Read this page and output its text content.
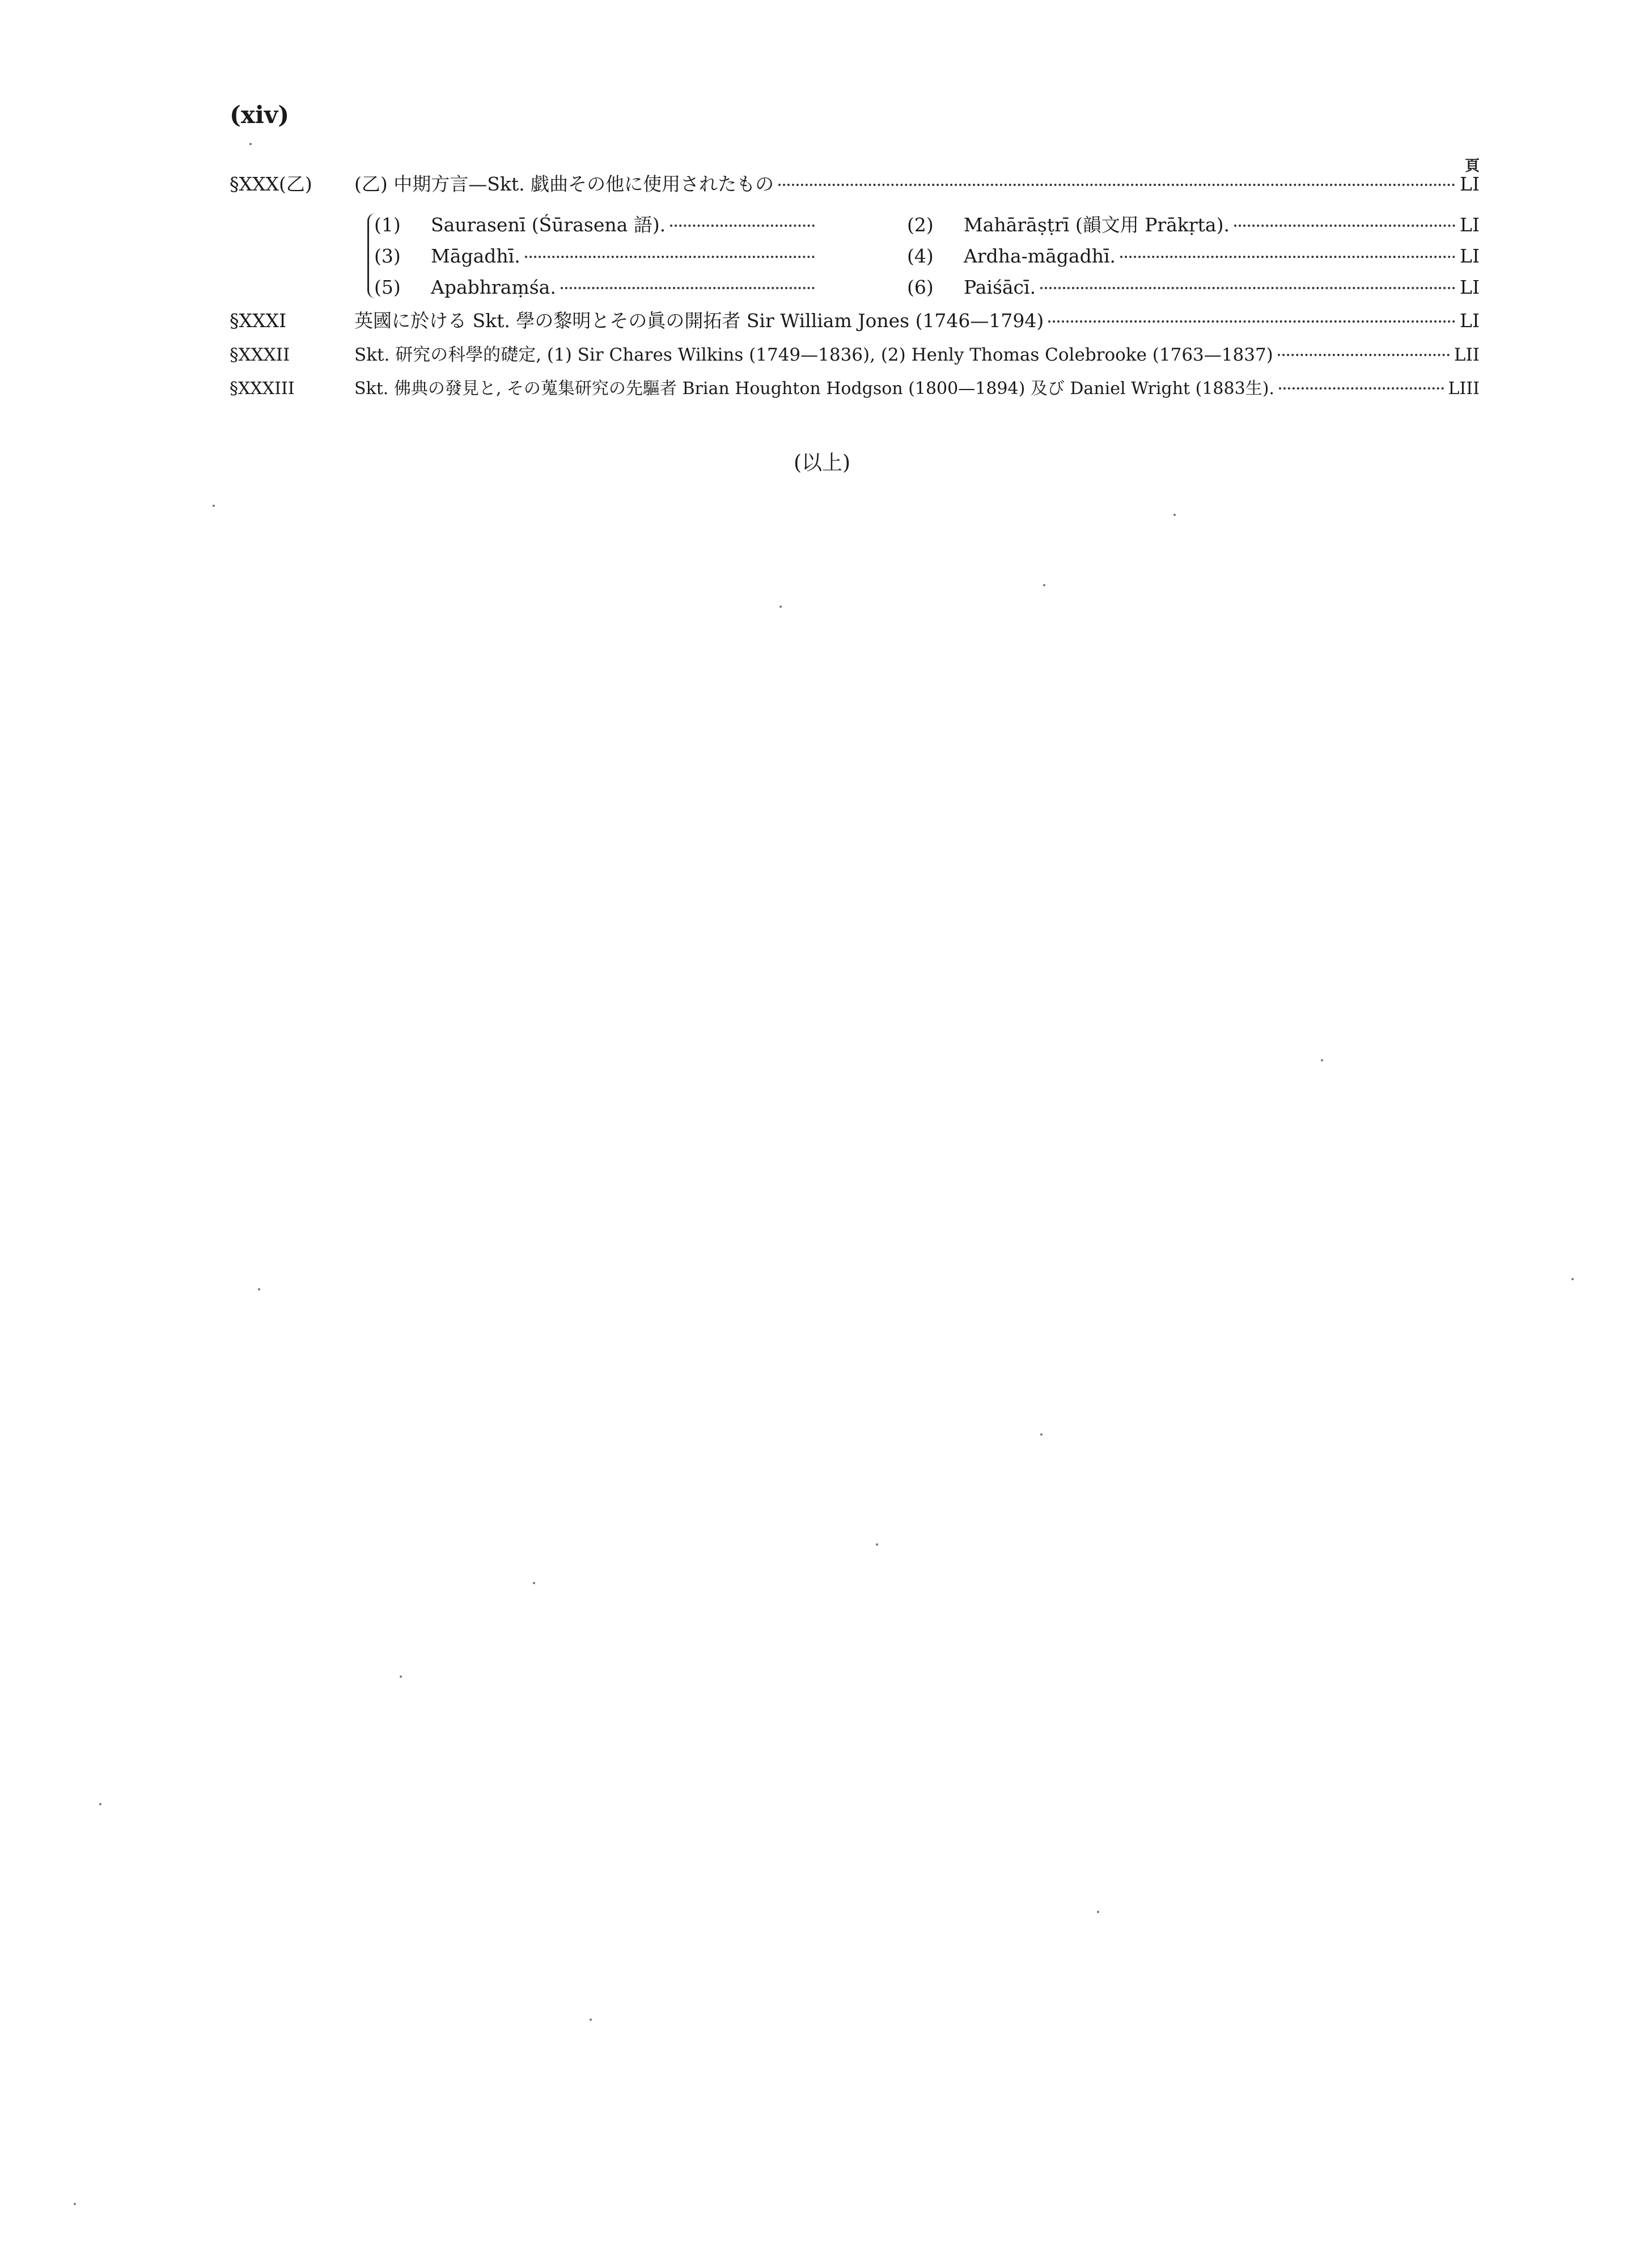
(xiv)
頁
§XXX(乙)	(乙) 中期方言—Skt. 戯曲その他に使用されたもの	LI
(1)	Saurasenī (Śūrasena 語).	(2)	Mahārāṣṭrī (韻文用 Prākṛta).	LI
(3)	Māgadhī.	(4)	Ardha-māgadhī.	LI
(5)	Apabhraṃśa.	(6)	Paiśācī.	LI
§XXXI	英國に於ける Skt. 學の黎明とその眞の開拓者 Sir William Jones (1746—1794)	LI
§XXXII	Skt. 研究の科學的礎定, (1) Sir Chares Wilkins (1749—1836), (2) Henly Thomas Colebrooke (1763—1837)	LII
§XXXIII	Skt. 佛典の發見と, その蒐集研究の先驅者 Brian Houghton Hodgson (1800—1894) 及び Daniel Wright (1883生).	LIII
(以上)
